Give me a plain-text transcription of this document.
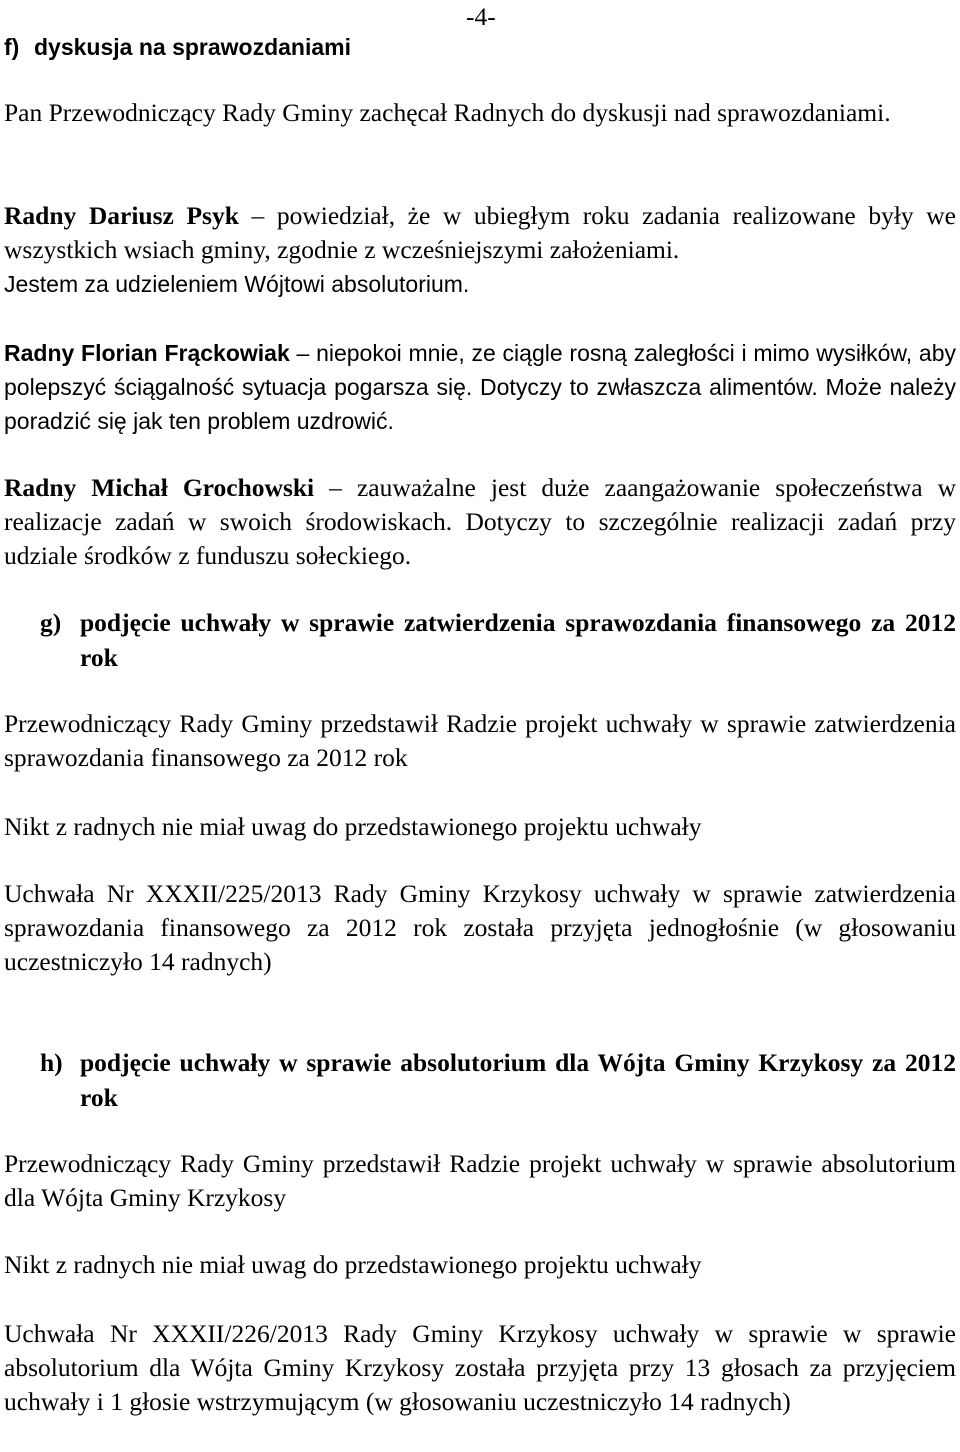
-4-
f) dyskusja na sprawozdaniami

Pan Przewodniczący Rady Gminy zachęcał Radnych do dyskusji nad sprawozdaniami.

Radny Dariusz Psyk – powiedział, że w ubiegłym roku zadania realizowane były we wszystkich wsiach gminy, zgodnie z wcześniejszymi założeniami.
Jestem za udzieleniem Wójtowi absolutorium.

Radny Florian Frąckowiak – niepokoi mnie, ze ciągle rosną zaległości i mimo wysiłków, aby polepszyć ściągalność sytuacja pogarsza się. Dotyczy to zwłaszcza alimentów. Może należy poradzić się jak ten problem uzdrowić.

Radny Michał Grochowski – zauważalne jest duże zaangażowanie społeczeństwa w realizacje zadań w swoich środowiskach. Dotyczy to szczególnie realizacji zadań przy udziale środków z funduszu sołeckiego.

g) podjęcie uchwały w sprawie zatwierdzenia sprawozdania finansowego za 2012 rok

Przewodniczący Rady Gminy przedstawił Radzie projekt uchwały w sprawie zatwierdzenia sprawozdania finansowego za 2012 rok

Nikt z radnych nie miał uwag do przedstawionego projektu uchwały

Uchwała Nr XXXII/225/2013 Rady Gminy Krzykosy uchwały w sprawie zatwierdzenia sprawozdania finansowego za 2012 rok została przyjęta jednogłośnie (w głosowaniu uczestniczyło 14 radnych)

h) podjęcie uchwały w sprawie absolutorium dla Wójta Gminy Krzykosy za 2012 rok

Przewodniczący Rady Gminy przedstawił Radzie projekt uchwały w sprawie absolutorium dla Wójta Gminy Krzykosy

Nikt z radnych nie miał uwag do przedstawionego projektu uchwały

Uchwała Nr XXXII/226/2013 Rady Gminy Krzykosy uchwały w sprawie w sprawie absolutorium dla Wójta Gminy Krzykosy została przyjęta przy 13 głosach za przyjęciem uchwały i 1 głosie wstrzymującym (w głosowaniu uczestniczyło 14 radnych)
